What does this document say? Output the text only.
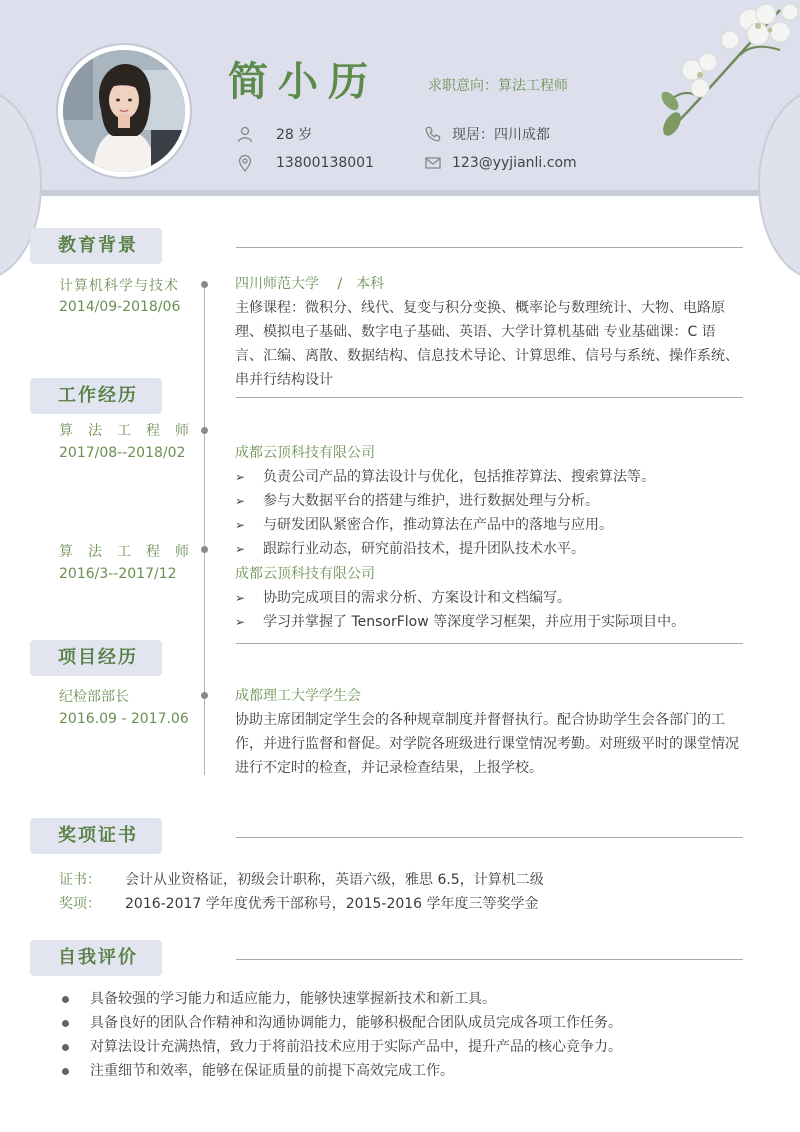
简小历	求职意向：算法工程师
28 岁
13800138001
现居：四川成都
123@yyjianli.com
教育背景
计算机科学与技术
2014/09-2018/06
四川师范大学　 /　本科
主修课程：微积分、线代、复变与积分变换、概率论与数理统计、大物、电路原理、模拟电子基础、数字电子基础、英语、大学计算机基础 专业基础课：C 语言、汇编、离散、数据结构、信息技术导论、计算思维、信号与系统、操作系统、串并行结构设计
工作经历
算法工程师
2017/08--2018/02	成都云顶科技有限公司
➢ 负责公司产品的算法设计与优化，包括推荐算法、搜索算法等。
➢ 参与大数据平台的搭建与维护，进行数据处理与分析。
➢ 与研发团队紧密合作，推动算法在产品中的落地与应用。
➢ 跟踪行业动态，研究前沿技术，提升团队技术水平。
算法工程师
2016/3--2017/12	成都云顶科技有限公司
➢ 协助完成项目的需求分析、方案设计和文档编写。
➢ 学习并掌握了 TensorFlow 等深度学习框架，并应用于实际项目中。
项目经历
纪检部部长
2016.09 - 2017.06
成都理工大学学生会
协助主席团制定学生会的各种规章制度并督督执行。配合协助学生会各部门的工作，并进行监督和督促。对学院各班级进行课堂情况考勤。对班级平时的课堂情况进行不定时的检查，并记录检查结果，上报学校。
奖项证书
证书： 会计从业资格证，初级会计职称，英语六级，雅思 6.5，计算机二级
奖项： 2016-2017 学年度优秀干部称号，2015-2016 学年度三等奖学金
自我评价
具备较强的学习能力和适应能力，能够快速掌握新技术和新工具。
具备良好的团队合作精神和沟通协调能力，能够积极配合团队成员完成各项工作任务。
对算法设计充满热情，致力于将前沿技术应用于实际产品中，提升产品的核心竞争力。
注重细节和效率，能够在保证质量的前提下高效完成工作。
